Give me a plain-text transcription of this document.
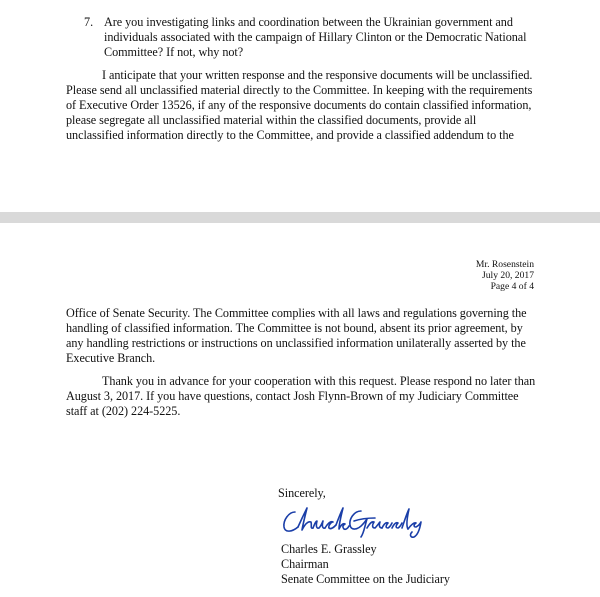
7. Are you investigating links and coordination between the Ukrainian government and
individuals associated with the campaign of Hillary Clinton or the Democratic National
Committee? If not, why not?
I anticipate that your written response and the responsive documents will be unclassified.
Please send all unclassified material directly to the Committee. In keeping with the requirements
of Executive Order 13526, if any of the responsive documents do contain classified information,
please segregate all unclassified material within the classified documents, provide all
unclassified information directly to the Committee, and provide a classified addendum to the
Mr. Rosenstein
July 20, 2017
Page 4 of 4
Office of Senate Security. The Committee complies with all laws and regulations governing the
handling of classified information. The Committee is not bound, absent its prior agreement, by
any handling restrictions or instructions on unclassified information unilaterally asserted by the
Executive Branch.
Thank you in advance for your cooperation with this request. Please respond no later than
August 3, 2017. If you have questions, contact Josh Flynn-Brown of my Judiciary Committee
staff at (202) 224-5225.
Sincerely,
Charles E. Grassley
Chairman
Senate Committee on the Judiciary
